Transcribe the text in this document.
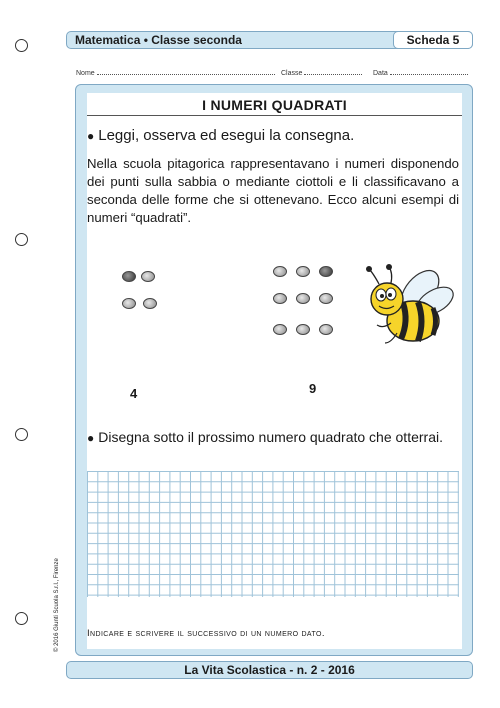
Matematica • Classe seconda	Scheda 5
Nome	Classe	Data
I NUMERI QUADRATI
● Leggi, osserva ed esegui la consegna.
Nella scuola pitagorica rappresentavano i numeri disponendo dei punti sulla sabbia o mediante ciottoli e li classificavano a seconda delle forme che si ottenevano. Ecco alcuni esempi di numeri “quadrati”.
4	9
● Disegna sotto il prossimo numero quadrato che otterrai.
Indicare e scrivere il successivo di un numero dato.
© 2016 Giunti Scuola S.r.l., Firenze
La Vita Scolastica - n. 2 - 2016
